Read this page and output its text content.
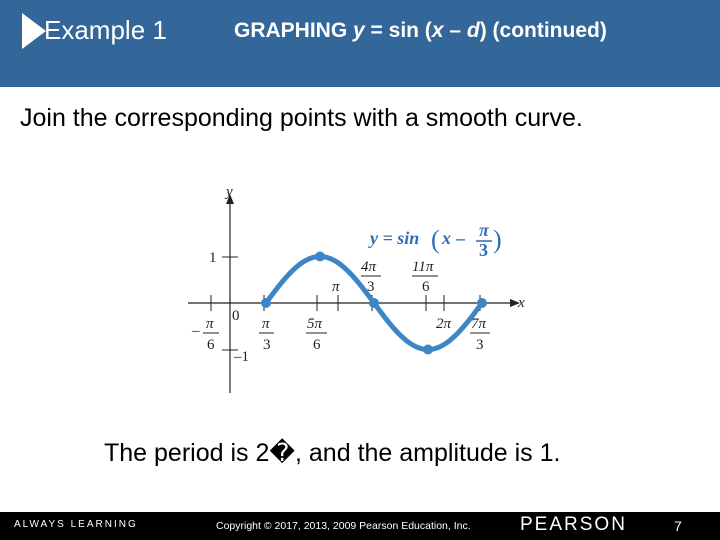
Example 1	GRAPHING y = sin (x – d) (continued)
Join the corresponding points with a smooth curve.
x
y
0
1
–1
π
4π
3
11π
6
– π
6
π
3
5π
6
2π 7π
3
y = sin ( x – π
3 )
The period is 2�, and the amplitude is 1.
ALWAYS LEARNING	Copyright © 2017, 2013, 2009 Pearson Education, Inc.	PEARSON	7
